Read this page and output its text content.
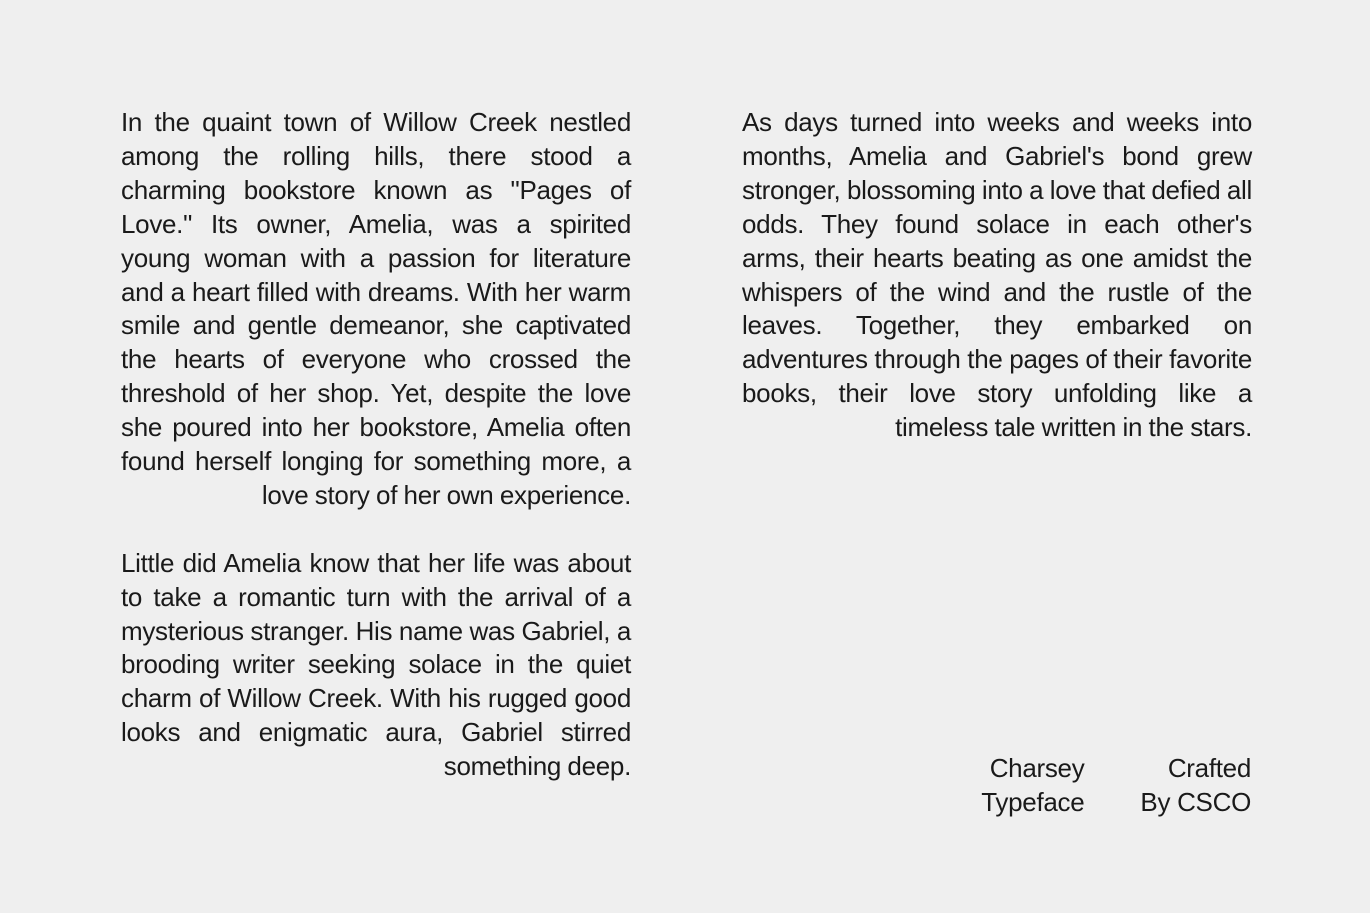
In the quaint town of Willow Creek nestled among the rolling hills, there stood a charming bookstore known as "Pages of Love." Its owner, Amelia, was a spirited young woman with a passion for literature and a heart filled with dreams. With her warm smile and gentle demeanor, she captivated the hearts of everyone who crossed the threshold of her shop. Yet, despite the love she poured into her bookstore, Amelia often found herself longing for something more, a love story of her own experience.

Little did Amelia know that her life was about to take a romantic turn with the arrival of a mysterious stranger. His name was Gabriel, a brooding writer seeking solace in the quiet charm of Willow Creek. With his rugged good looks and enigmatic aura, Gabriel stirred something deep.

As days turned into weeks and weeks into months, Amelia and Gabriel's bond grew stronger, blossoming into a love that defied all odds. They found solace in each other's arms, their hearts beating as one amidst the whispers of the wind and the rustle of the leaves. Together, they embarked on adventures through the pages of their favorite books, their love story unfolding like a timeless tale written in the stars.

Charsey
Typeface
Crafted
By CSCO
